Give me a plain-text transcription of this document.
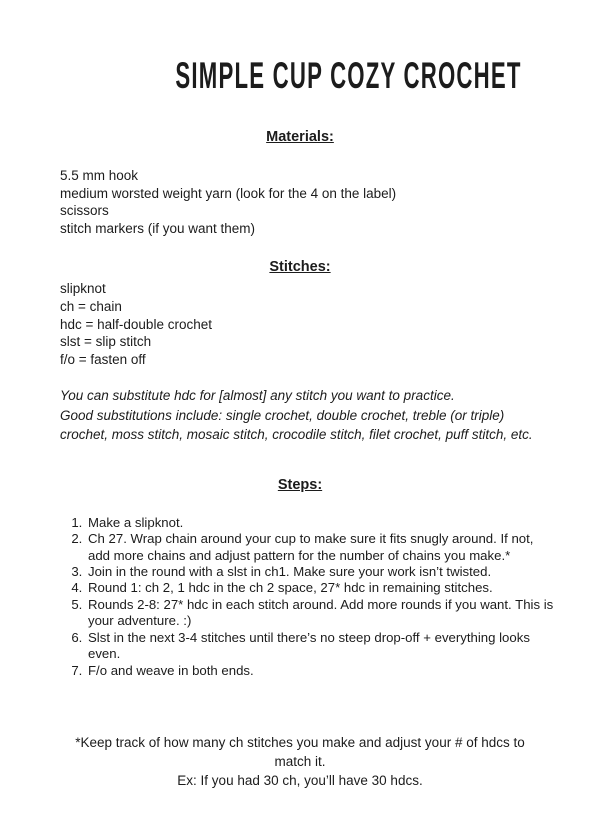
SIMPLE CUP COZY CROCHET
Materials:
5.5 mm hook
medium worsted weight yarn (look for the 4 on the label)
scissors
stitch markers (if you want them)
Stitches:
slipknot
ch = chain
hdc = half-double crochet
slst = slip stitch
f/o = fasten off

You can substitute hdc for [almost] any stitch you want to practice.

Good substitutions include: single crochet, double crochet, treble (or triple) crochet, moss stitch, mosaic stitch, crocodile stitch, filet crochet, puff stitch, etc.

Steps:
1. Make a slipknot.
2. Ch 27. Wrap chain around your cup to make sure it fits snugly around. If not, add more chains and adjust pattern for the number of chains you make.*
3. Join in the round with a slst in ch1. Make sure your work isn’t twisted.
4. Round 1: ch 2, 1 hdc in the ch 2 space, 27* hdc in remaining stitches.
5. Rounds 2-8: 27* hdc in each stitch around. Add more rounds if you want. This is your adventure. :)
6. Slst in the next 3-4 stitches until there’s no steep drop-off + everything looks even.
7. F/o and weave in both ends.
*Keep track of how many ch stitches you make and adjust your # of hdcs to match it.
Ex: If you had 30 ch, you’ll have 30 hdcs.
